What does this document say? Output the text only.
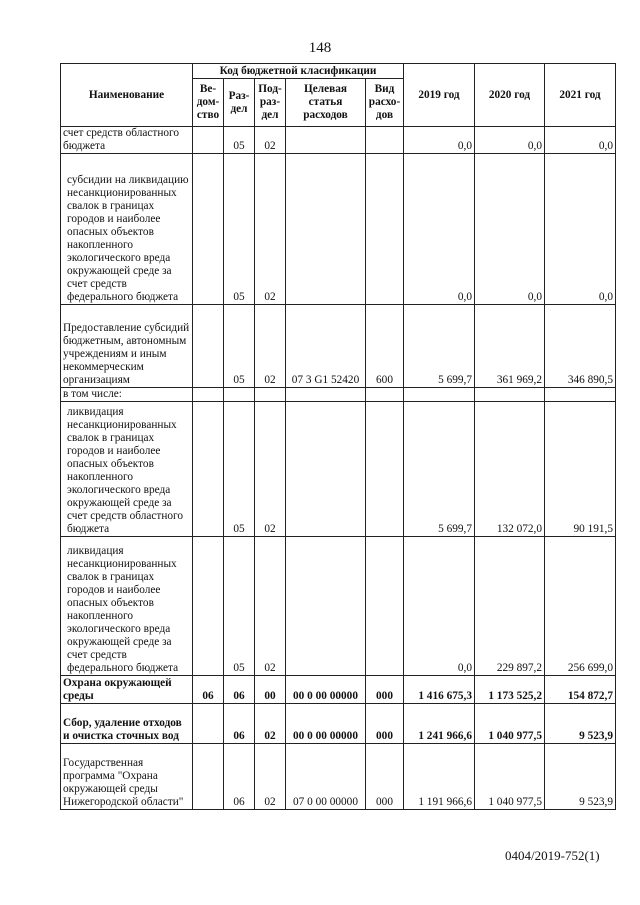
148
Наименование	Код бюджетной класификации					2019 год	2020 год	2021 год
	Ве-дом-ство	Раз-дел	Под-раз-дел	Целевая статья расходов	Вид расхо-дов			
счет средств областного бюджета		05	02			0,0	0,0	0,0
субсидии на ликвидацию несанкционированных свалок в границах городов и наиболее опасных объектов накопленного экологического вреда окружающей среде за счет средств федерального бюджета		05	02			0,0	0,0	0,0
Предоставление субсидий бюджетным, автономным учреждениям и иным некоммерческим организациям		05	02	07 3 G1 52420	600	5 699,7	361 969,2	346 890,5
в том числе:								
ликвидация несанкционированных свалок в границах городов и наиболее опасных объектов накопленного экологического вреда окружающей среде за счет средств областного бюджета		05	02			5 699,7	132 072,0	90 191,5
ликвидация несанкционированных свалок в границах городов и наиболее опасных объектов накопленного экологического вреда окружающей среде за счет средств федерального бюджета		05	02			0,0	229 897,2	256 699,0
Охрана окружающей среды	06	06	00	00 0 00 00000	000	1 416 675,3	1 173 525,2	154 872,7
Сбор, удаление отходов и очистка сточных вод		06	02	00 0 00 00000	000	1 241 966,6	1 040 977,5	9 523,9
Государственная программа "Охрана окружающей среды Нижегородской области"		06	02	07 0 00 00000	000	1 191 966,6	1 040 977,5	9 523,9
0404/2019-752(1)
